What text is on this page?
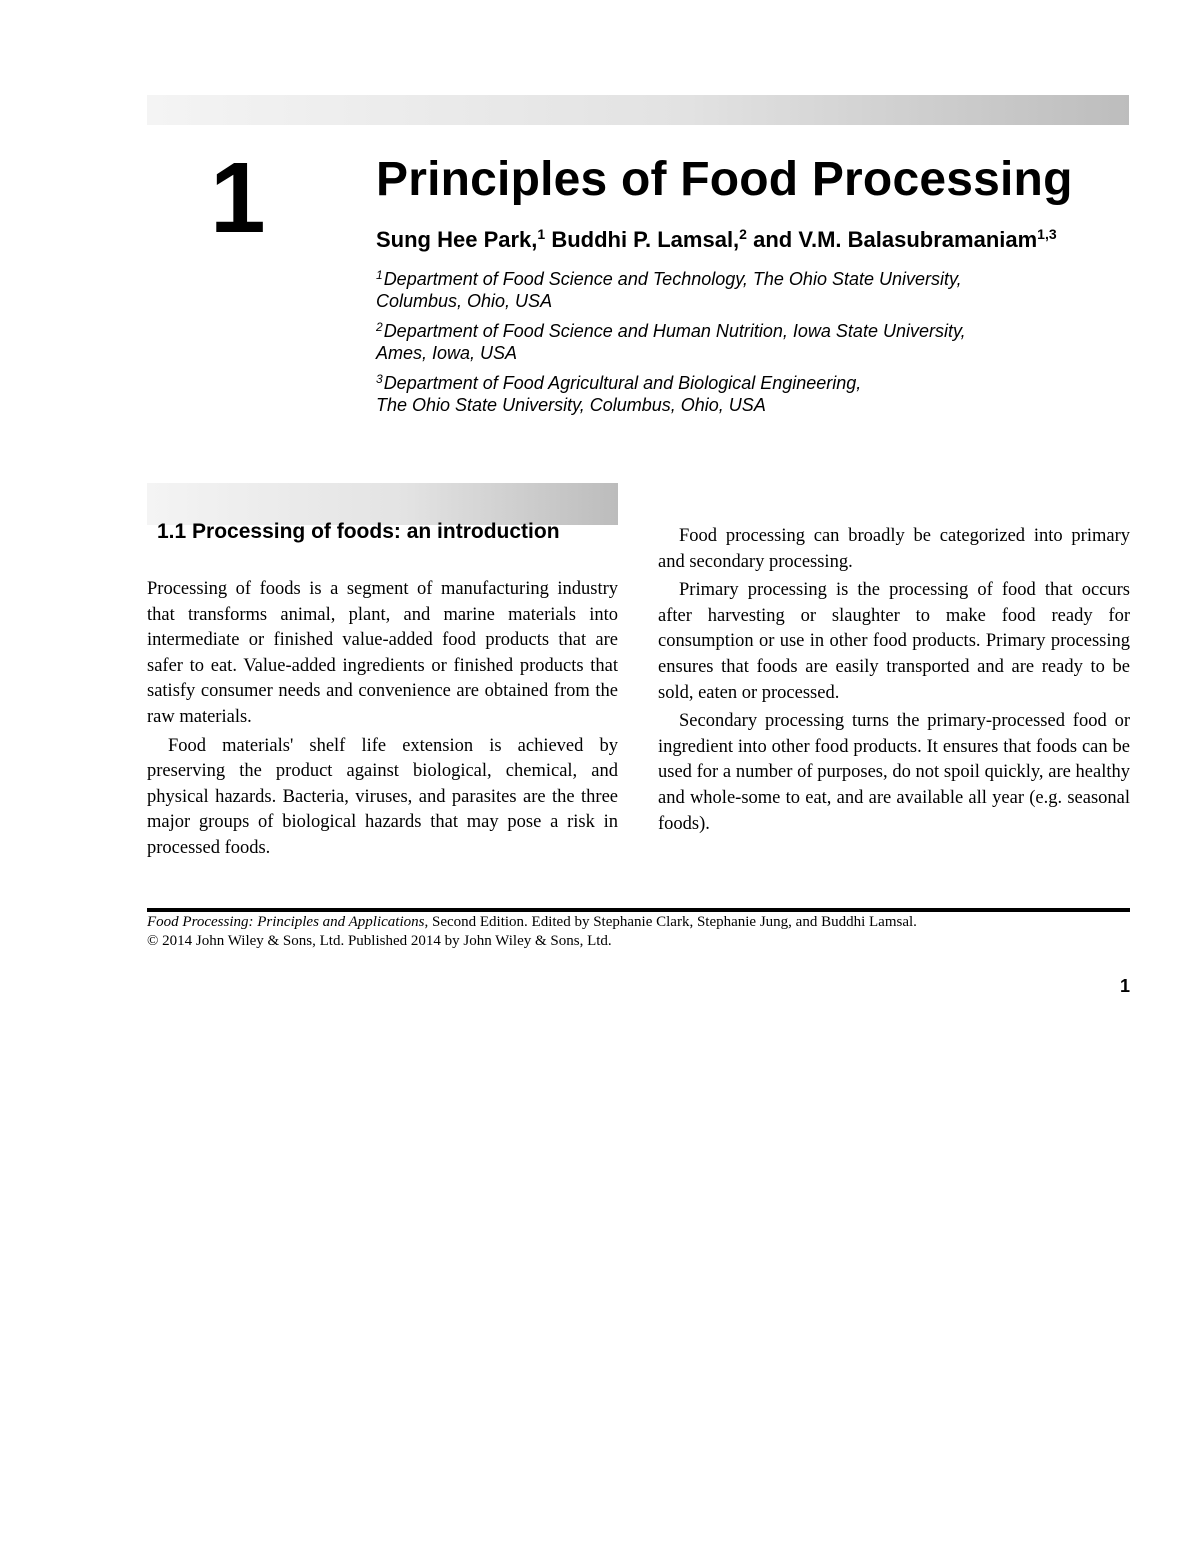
1 Principles of Food Processing
Sung Hee Park,$^1$ Buddhi P. Lamsal,$^2$ and V.M. Balasubramaniam$^{1,3}$
$^1$Department of Food Science and Technology, The Ohio State University,
Columbus, Ohio, USA
$^2$Department of Food Science and Human Nutrition, Iowa State University,
Ames, Iowa, USA
$^3$Department of Food Agricultural and Biological Engineering,
The Ohio State University, Columbus, Ohio, USA
1.1 Processing of foods: an introduction

Processing of foods is a segment of manufacturing industry that transforms animal, plant, and marine materials into intermediate or finished value-added food products that are safer to eat. Value-added ingredients or finished products that satisfy consumer needs and convenience are obtained from the raw materials.

Food materials' shelf life extension is achieved by preserving the product against biological, chemical, and physical hazards. Bacteria, viruses, and parasites are the three major groups of biological hazards that may pose a risk in processed foods.

Food processing can broadly be categorized into primary and secondary processing.

Primary processing is the processing of food that occurs after harvesting or slaughter to make food ready for consumption or use in other food products. Primary processing ensures that foods are easily transported and are ready to be sold, eaten or processed.

Secondary processing turns the primary-processed food or ingredient into other food products. It ensures that foods can be used for a number of purposes, do not spoil quickly, are healthy and whole-some to eat, and are available all year (e.g. seasonal foods).

Food Processing: Principles and Applications, Second Edition. Edited by Stephanie Clark, Stephanie Jung, and Buddhi Lamsal.
© 2014 John Wiley & Sons, Ltd. Published 2014 by John Wiley & Sons, Ltd.
1
